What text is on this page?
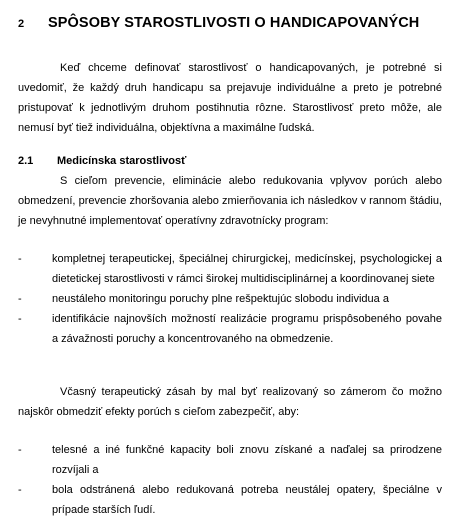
2 SPÔSOBY STAROSTLIVOSTI O HANDICAPOVANÝCH
Keď chceme definovať starostlivosť o handicapovaných, je potrebné si uvedomiť, že každý druh handicapu sa prejavuje individuálne a preto je potrebné pristupovať k jednotlivým druhom postihnutia rôzne. Starostlivosť preto môže, ale nemusí byť tiež individuálna, objektívna a maximálne ľudská.
2.1 Medicínska starostlivosť
S cieľom prevencie, eliminácie alebo redukovania vplyvov porúch alebo obmedzení, prevencie zhoršovania alebo zmierňovania ich následkov v rannom štádiu, je nevyhnutné implementovať operatívny zdravotnícky program:
-	kompletnej terapeutickej, špeciálnej chirurgickej, medicínskej, psychologickej a dietetickej starostlivosti v rámci širokej multidisciplinárnej a koordinovanej siete
-	neustáleho monitoringu poruchy plne rešpektujúc slobodu individua a
-	identifikácie najnovších možností realizácie programu prispôsobeného povahe a závažnosti poruchy a koncentrovaného na obmedzenie.
Včasný terapeutický zásah by mal byť realizovaný so zámerom čo možno najskôr obmedziť efekty porúch s cieľom zabezpečiť, aby:
-	telesné a iné funkčné kapacity boli znovu získané a naďalej sa prirodzene rozvíjali a
-	bola odstránená alebo redukovaná potreba neustálej opatery, špeciálne v prípade starších ľudí.
